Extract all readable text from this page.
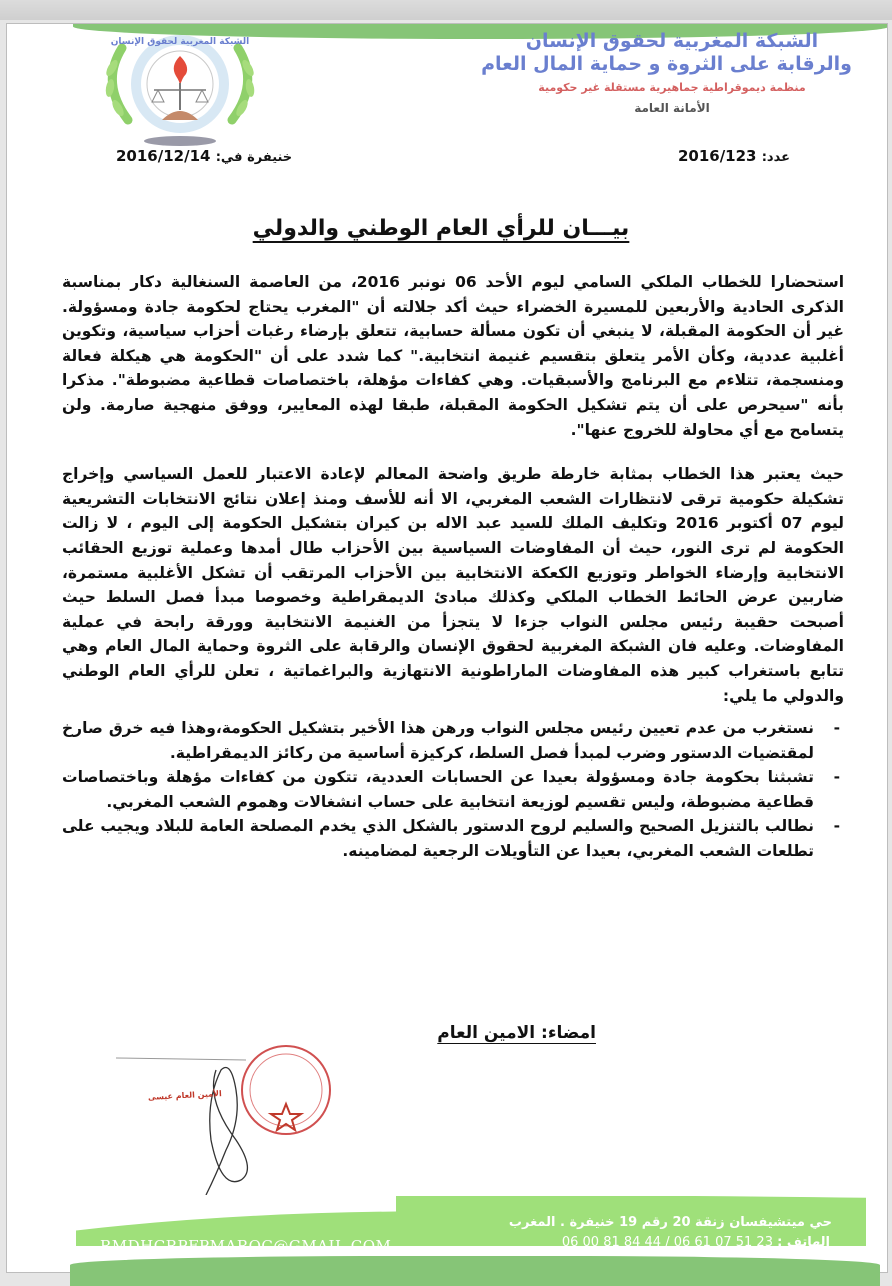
الشبكة المغربية لحقوق الإنسان	الشبكة المغربية لحقوق الإنسان
والرقابة على الثروة و حماية المال العام
منظمة ديموقراطية جماهيرية مستقلة غير حكومية
الأمانة العامة
عدد: 2016/123
خنيفرة في: 2016/12/14
بيـــان للرأي العام الوطني والدولي

استحضارا للخطاب الملكي السامي ليوم الأحد 06 نونبر 2016، من العاصمة السنغالية دكار بمناسبة الذكرى الحادية والأربعين للمسيرة الخضراء حيث أكد جلالته أن "المغرب يحتاج لحكومة جادة ومسؤولة. غير أن الحكومة المقبلة، لا ينبغي أن تكون مسألة حسابية، تتعلق بإرضاء رغبات أحزاب سياسية، وتكوين أغلبية عددية، وكأن الأمر يتعلق بتقسيم غنيمة انتخابية." كما شدد على أن "الحكومة هي هيكلة فعالة ومنسجمة، تتلاءم مع البرنامج والأسبقيات. وهي كفاءات مؤهلة، باختصاصات قطاعية مضبوطة". مذكرا بأنه "سيحرص على أن يتم تشكيل الحكومة المقبلة، طبقا لهذه المعايير، ووفق منهجية صارمة. ولن يتسامح مع أي محاولة للخروج عنها".

حيث يعتبر هذا الخطاب بمثابة خارطة طريق واضحة المعالم لإعادة الاعتبار للعمل السياسي وإخراج تشكيلة حكومية ترقى لانتظارات الشعب المغربي، الا أنه للأسف ومنذ إعلان نتائج الانتخابات التشريعية ليوم 07 أكتوبر 2016 وتكليف الملك للسيد عبد الاله بن كيران بتشكيل الحكومة إلى اليوم ، لا زالت الحكومة لم ترى النور، حيث أن المفاوضات السياسية بين الأحزاب طال أمدها وعملية توزيع الحقائب الانتخابية وإرضاء الخواطر وتوزيع الكعكة الانتخابية بين الأحزاب المرتقب أن تشكل الأغلبية مستمرة، ضاربين عرض الحائط الخطاب الملكي وكذلك مبادئ الديمقراطية وخصوصا مبدأ فصل السلط حيث أصبحت حقيبة رئيس مجلس النواب جزءا لا يتجزأ من الغنيمة الانتخابية وورقة رابحة في عملية المفاوضات. وعليه فان الشبكة المغربية لحقوق الإنسان والرقابة على الثروة وحماية المال العام وهي تتابع باستغراب كبير هذه المفاوضات الماراطونية الانتهازية والبراغماتية ، تعلن للرأي العام الوطني والدولي ما يلي:

-
نستغرب من عدم تعيين رئيس مجلس النواب ورهن هذا الأخير بتشكيل الحكومة،وهذا فيه خرق صارخ لمقتضيات الدستور وضرب لمبدأ فصل السلط، كركيزة أساسية من ركائز الديمقراطية.
-
تشبثنا بحكومة جادة ومسؤولة بعيدا عن الحسابات العددية، تتكون من كفاءات مؤهلة وباختصاصات قطاعية مضبوطة، وليس تقسيم لوزيعة انتخابية على حساب انشغالات وهموم الشعب المغربي.
-
نطالب بالتنزيل الصحيح والسليم لروح الدستور بالشكل الذي يخدم المصلحة العامة للبلاد ويجيب على تطلعات الشعب المغربي، بعيدا عن التأويلات الرجعية لمضامينه.
امضاء: الامين العام
الأمين العام عيسى
RMDHCRPFPMAROC@GMAIL.COM
حي ميتشيفسان زنقة 20 رقم 19 خنيفرة . المغرب
الهاتف : 06 00 81 84 44 / 06 61 07 51 23
